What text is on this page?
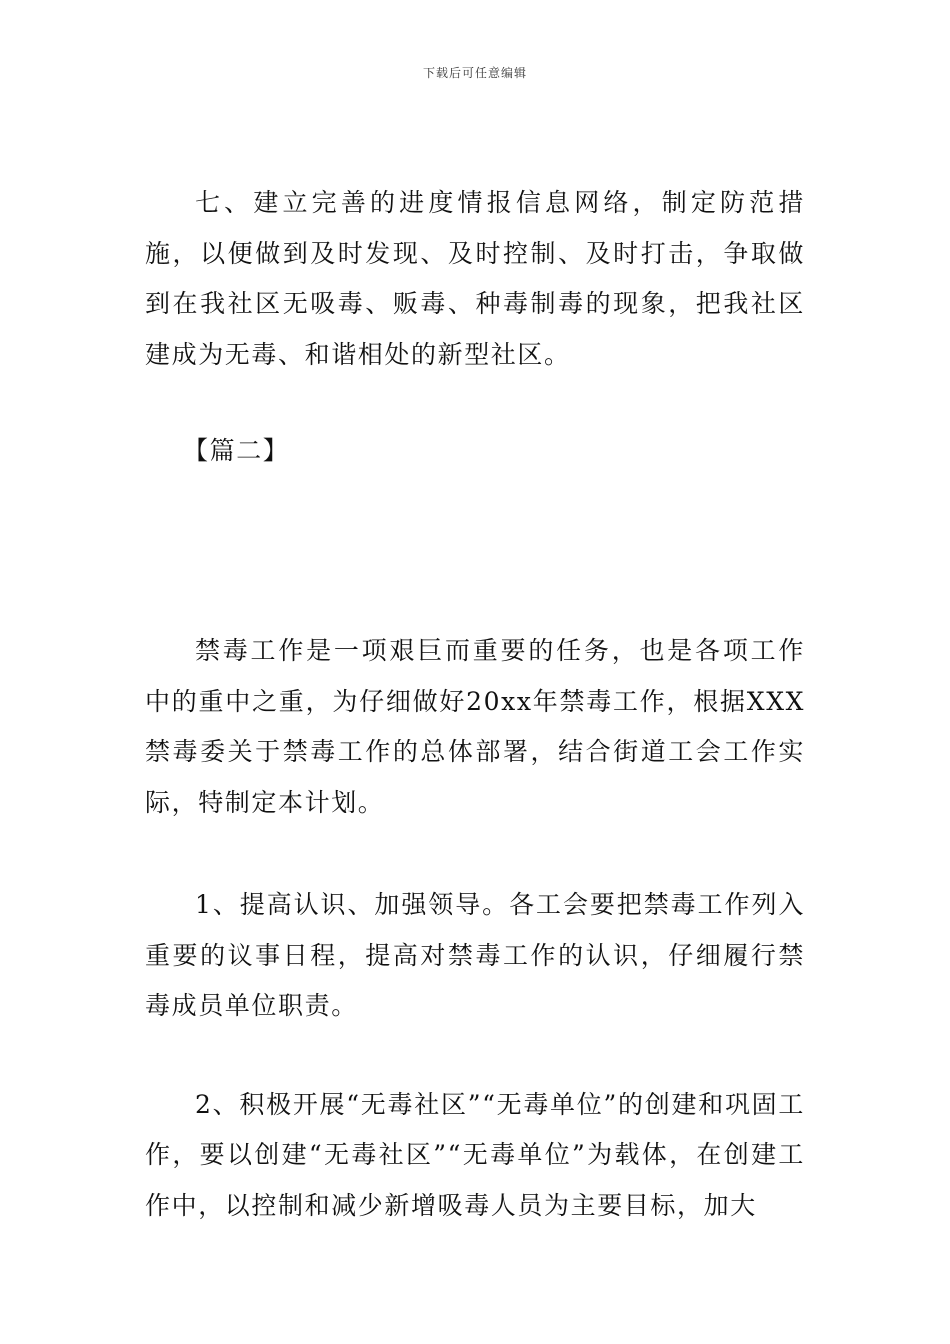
下载后可任意编辑

七、建立完善的进度情报信息网络，制定防范措施，以便做到及时发现、及时控制、及时打击，争取做到在我社区无吸毒、贩毒、种毒制毒的现象，把我社区建成为无毒、和谐相处的新型社区。

【篇二】

禁毒工作是一项艰巨而重要的任务，也是各项工作中的重中之重，为仔细做好20xx年禁毒工作，根据XXX禁毒委关于禁毒工作的总体部署，结合街道工会工作实际，特制定本计划。

1、提高认识、加强领导。各工会要把禁毒工作列入重要的议事日程，提高对禁毒工作的认识，仔细履行禁毒成员单位职责。

2、积极开展“无毒社区”“无毒单位”的创建和巩固工作，要以创建“无毒社区”“无毒单位”为载体，在创建工作中，以控制和减少新增吸毒人员为主要目标，加大
